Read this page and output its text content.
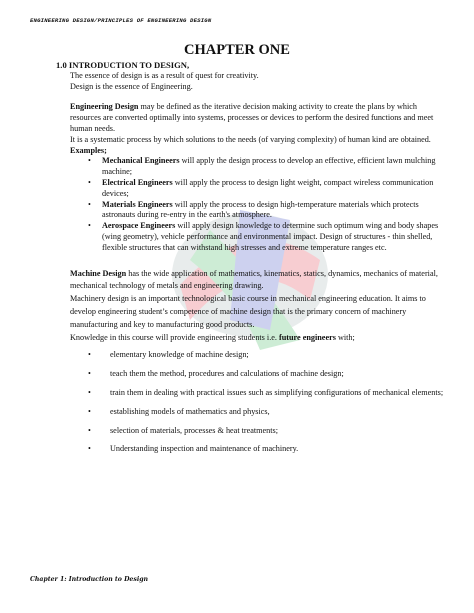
ENGINEERING DESIGN/PRINCIPLES OF ENGINEERING DESIGN
CHAPTER ONE

1.0 INTRODUCTION TO DESIGN,

The essence of design is as a result of quest for creativity.

Design is the essence of Engineering.

Engineering Design may be defined as the iterative decision making activity to create the plans by which resources are converted optimally into systems, processes or devices to perform the desired functions and meet human needs.

It is a systematic process by which solutions to the needs (of varying complexity) of human kind are obtained.

Examples;

• Mechanical Engineers will apply the design process to develop an effective, efficient lawn mulching machine;
• Electrical Engineers will apply the process to design light weight, compact wireless communication devices;
• Materials Engineers will apply the process to design high-temperature materials which protects astronauts during re-entry in the earth's atmosphere.
• Aerospace Engineers will apply design knowledge to determine such optimum wing and body shapes (wing geometry), vehicle performance and environmental impact. Design of structures - thin shelled, flexible structures that can withstand high stresses and extreme temperature ranges etc.

Machine Design has the wide application of mathematics, kinematics, statics, dynamics, mechanics of material, mechanical technology of metals and engineering drawing.

Machinery design is an important technological basic course in mechanical engineering education. It aims to develop engineering student’s competence of machine design that is the primary concern of machinery manufacturing and key to manufacturing good products.

Knowledge in this course will provide engineering students i.e. future engineers with;

• elementary knowledge of machine design;
• teach them the method, procedures and calculations of machine design;
• train them in dealing with practical issues such as simplifying configurations of mechanical elements;
• establishing models of mathematics and physics,
• selection of materials, processes & heat treatments;
• Understanding inspection and maintenance of machinery.
Chapter 1: Introduction to Design
